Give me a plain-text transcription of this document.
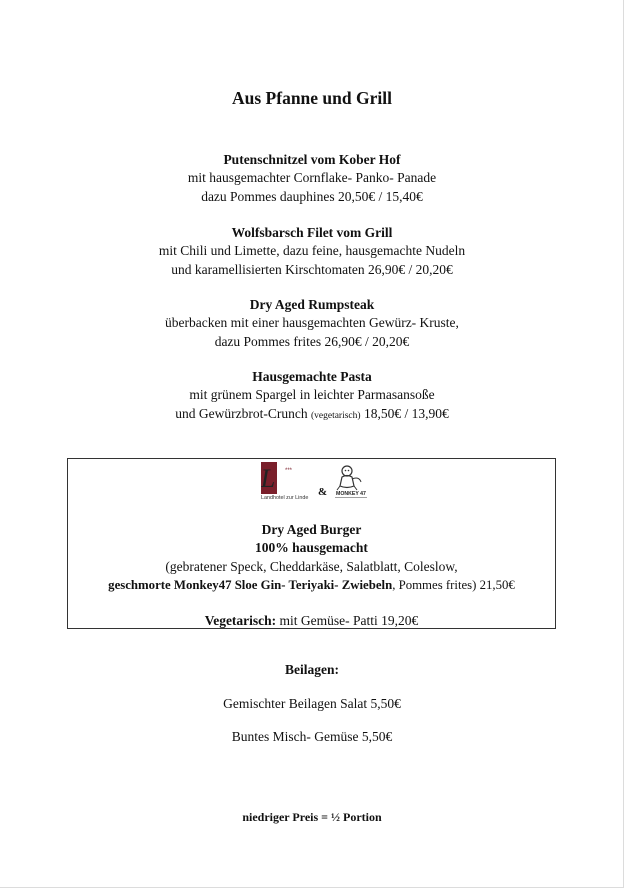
Aus Pfanne und Grill
Putenschnitzel vom Kober Hof
mit hausgemachter Cornflake- Panko- Panade
dazu Pommes dauphines 20,50€ / 15,40€
Wolfsbarsch Filet vom Grill
mit Chili und Limette, dazu feine, hausgemachte Nudeln
und karamellisierten Kirschtomaten 26,90€ / 20,20€
Dry Aged Rumpsteak
überbacken mit einer hausgemachten Gewürz- Kruste,
dazu Pommes frites 26,90€ / 20,20€
Hausgemachte Pasta
mit grünem Spargel in leichter Parmasansoße
und Gewürzbrot-Crunch (vegetarisch) 18,50€ / 13,90€
L ***
Landhotel zur Linde & MONKEY 47
Dry Aged Burger
100% hausgemacht
(gebratener Speck, Cheddarkäse, Salatblatt, Coleslow,
geschmorte Monkey47 Sloe Gin- Teriyaki- Zwiebeln, Pommes frites) 21,50€
Vegetarisch: mit Gemüse- Patti 19,20€
Beilagen:
Gemischter Beilagen Salat 5,50€
Buntes Misch- Gemüse 5,50€
niedriger Preis = ½ Portion
